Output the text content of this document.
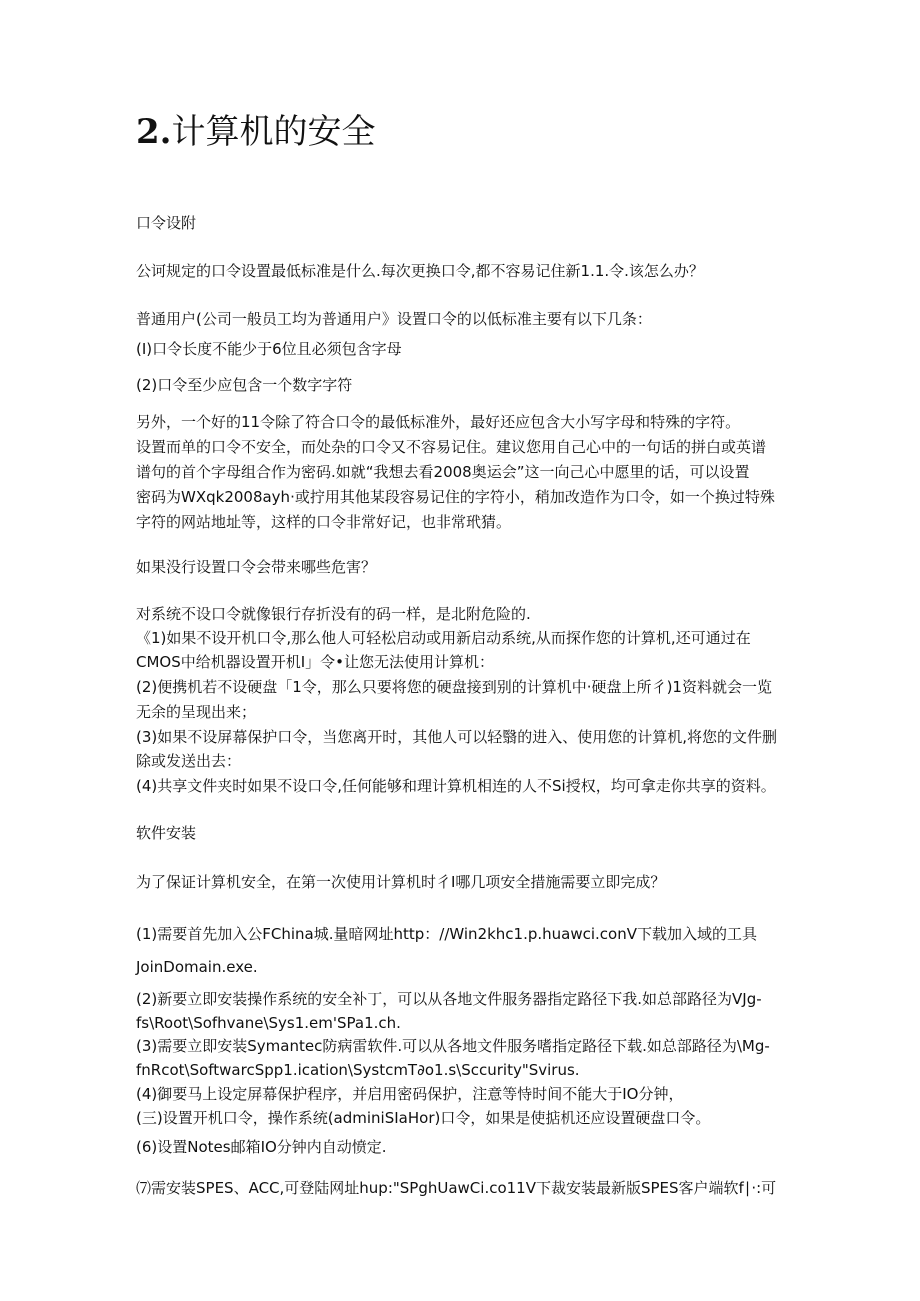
2.计算机的安全

口令设附

公诃规定的口令设置最低标准是什么.每次更换口令,都不容易记住新1.1.令.该怎么办？

普通用户(公司一般员工均为普通用户》设置口令的以低标准主要有以下几条：

(I)口令长度不能少于6位且必须包含字母

(2)口令至少应包含一个数字字符

另外，一个好的11令除了符合口令的最低标准外，最好还应包含大小写字母和特殊的字符。

设置而单的口令不安全，而处杂的口令又不容易记住。建议您用自己心中的一句话的拼白或英谱

谱句的首个字母组合作为密码.如就“我想去看2008奥运会”这一向己心中愿里的话，可以设置

密码为WXqk2008ayh·或拧用其他某段容易记住的字符小，稍加改造作为口令，如一个换过特殊

字符的网站地址等，这样的口令非常好记，也非常玳猜。

如果没行设置口令会带来哪些危害？

对系统不设口令就像银行存折没有的码一样，是北附危险的.

《1)如果不设开机口令,那么他人可轻松启动或用新启动系统,从而探作您的计算机,还可通过在

CMOS中给机器设置开机I」令•让您无法使用计算机：

(2)便携机若不设硬盘「1令，那么只要将您的硬盘接到别的计算机中·硬盘上所彳)1资料就会一览

无余的呈现出来；

(3)如果不设屏幕保护口令，当您离开时，其他人可以轻翳的进入、使用您的计算机,将您的文件删

除或发送出去：

(4)共享文件夹时如果不设口令,任何能够和理计算机相连的人不Si授权，均可拿走你共享的资料。

软件安装

为了保证计算机安全，在第一次使用计算机时彳I哪几项安全措施需要立即完成？

(1)需要首先加入公FChina城.量暗网址http：//Win2khc1.p.huawci.conV下载加入域的工具

JoinDomain.exe.

(2)新要立即安装操作系统的安全补丁，可以从各地文件服务器指定路径下我.如总部路径为VJg-

fs\Root\Sofhvane\Sys1.em'SPa1.ch.

(3)需要立即安装Symantec防病雷软件.可以从各地文件服务嗜指定路径下载.如总部路径为\Mg-

fnRcot\SoftwarcSpp1.ication\SystcmT∂o1.s\Sccurity"Svirus.

(4)御要马上设定屏幕保护程序，并启用密码保护，注意等恃时间不能大于IO分钟，

(三)设置开机口令，操作系统(adminiSIaHor)口令，如果是使掂机还应设置硬盘口令。

(6)设置Notes邮箱IO分钟内自动愤定.

⑺需安装SPES、ACC,可登陆网址hup:"SPghUawCi.co11V下裁安装最新版SPES客户端软f∣·:可
